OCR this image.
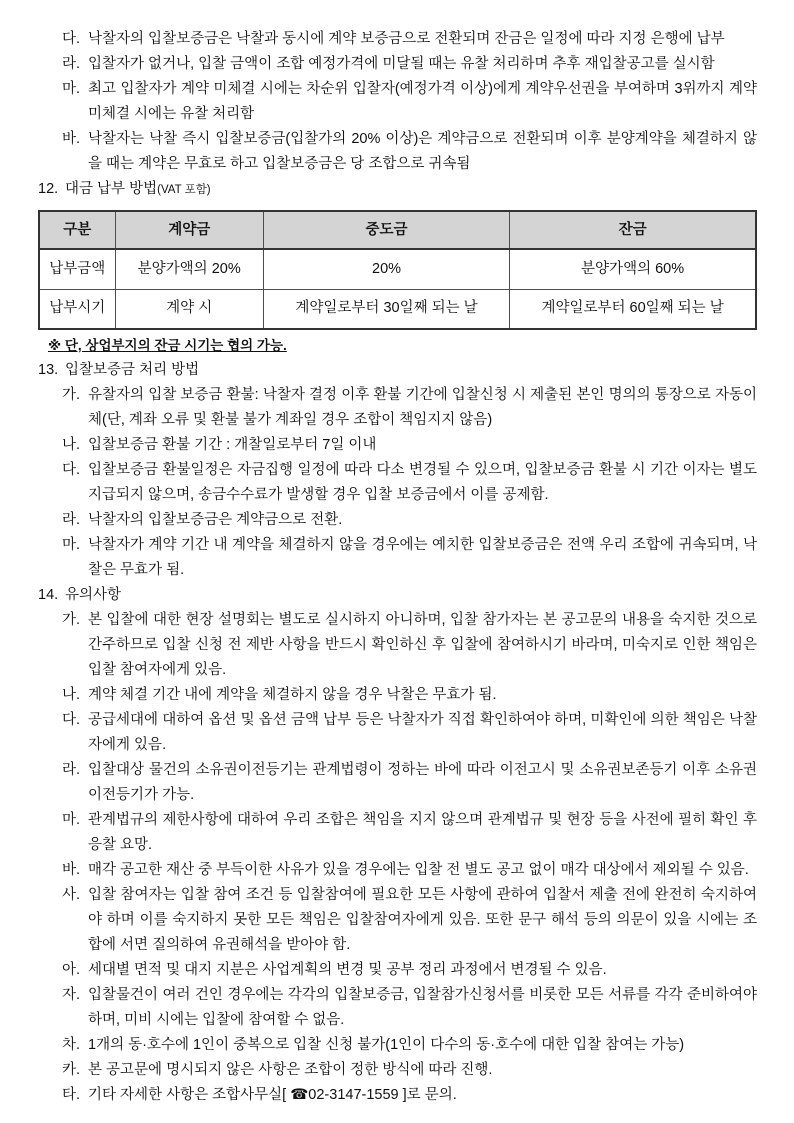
다. 낙찰자의 입찰보증금은 낙찰과 동시에 계약 보증금으로 전환되며 잔금은 일정에 따라 지정 은행에 납부
라. 입찰자가 없거나, 입찰 금액이 조합 예정가격에 미달될 때는 유찰 처리하며 추후 재입찰공고를 실시함
마. 최고 입찰자가 계약 미체결 시에는 차순위 입찰자(예정가격 이상)에게 계약우선권을 부여하며 3위까지 계약 미체결 시에는 유찰 처리함
바. 낙찰자는 낙찰 즉시 입찰보증금(입찰가의 20% 이상)은 계약금으로 전환되며 이후 분양계약을 체결하지 않을 때는 계약은 무효로 하고 입찰보증금은 당 조합으로 귀속됨
12. 대금 납부 방법(VAT 포함)
구분	계약금	중도금	잔금
납부금액	분양가액의 20%	20%	분양가액의 60%
납부시기	계약 시	계약일로부터 30일째 되는 날	계약일로부터 60일째 되는 날
※ 단, 상업부지의 잔금 시기는 협의 가능.
13. 입찰보증금 처리 방법
가. 유찰자의 입찰 보증금 환불: 낙찰자 결정 이후 환불 기간에 입찰신청 시 제출된 본인 명의의 통장으로 자동이체(단, 계좌 오류 및 환불 불가 계좌일 경우 조합이 책임지지 않음)
나. 입찰보증금 환불 기간 : 개찰일로부터 7일 이내
다. 입찰보증금 환불일정은 자금집행 일정에 따라 다소 변경될 수 있으며, 입찰보증금 환불 시 기간 이자는 별도 지급되지 않으며, 송금수수료가 발생할 경우 입찰 보증금에서 이를 공제함.
라. 낙찰자의 입찰보증금은 계약금으로 전환.
마. 낙찰자가 계약 기간 내 계약을 체결하지 않을 경우에는 예치한 입찰보증금은 전액 우리 조합에 귀속되며, 낙찰은 무효가 됨.
14. 유의사항
가. 본 입찰에 대한 현장 설명회는 별도로 실시하지 아니하며, 입찰 참가자는 본 공고문의 내용을 숙지한 것으로 간주하므로 입찰 신청 전 제반 사항을 반드시 확인하신 후 입찰에 참여하시기 바라며, 미숙지로 인한 책임은 입찰 참여자에게 있음.
나. 계약 체결 기간 내에 계약을 체결하지 않을 경우 낙찰은 무효가 됨.
다. 공급세대에 대하여 옵션 및 옵션 금액 납부 등은 낙찰자가 직접 확인하여야 하며, 미확인에 의한 책임은 낙찰자에게 있음.
라. 입찰대상 물건의 소유권이전등기는 관계법령이 정하는 바에 따라 이전고시 및 소유권보존등기 이후 소유권이전등기가 가능.
마. 관계법규의 제한사항에 대하여 우리 조합은 책임을 지지 않으며 관계법규 및 현장 등을 사전에 필히 확인 후 응찰 요망.
바. 매각 공고한 재산 중 부득이한 사유가 있을 경우에는 입찰 전 별도 공고 없이 매각 대상에서 제외될 수 있음.
사. 입찰 참여자는 입찰 참여 조건 등 입찰참여에 필요한 모든 사항에 관하여 입찰서 제출 전에 완전히 숙지하여야 하며 이를 숙지하지 못한 모든 책임은 입찰참여자에게 있음. 또한 문구 해석 등의 의문이 있을 시에는 조합에 서면 질의하여 유권해석을 받아야 함.
아. 세대별 면적 및 대지 지분은 사업계획의 변경 및 공부 정리 과정에서 변경될 수 있음.
자. 입찰물건이 여러 건인 경우에는 각각의 입찰보증금, 입찰참가신청서를 비롯한 모든 서류를 각각 준비하여야 하며, 미비 시에는 입찰에 참여할 수 없음.
차. 1개의 동·호수에 1인이 중복으로 입찰 신청 불가(1인이 다수의 동·호수에 대한 입찰 참여는 가능)
카. 본 공고문에 명시되지 않은 사항은 조합이 정한 방식에 따라 진행.
타. 기타 자세한 사항은 조합사무실[ ☎02-3147-1559 ]로 문의.
